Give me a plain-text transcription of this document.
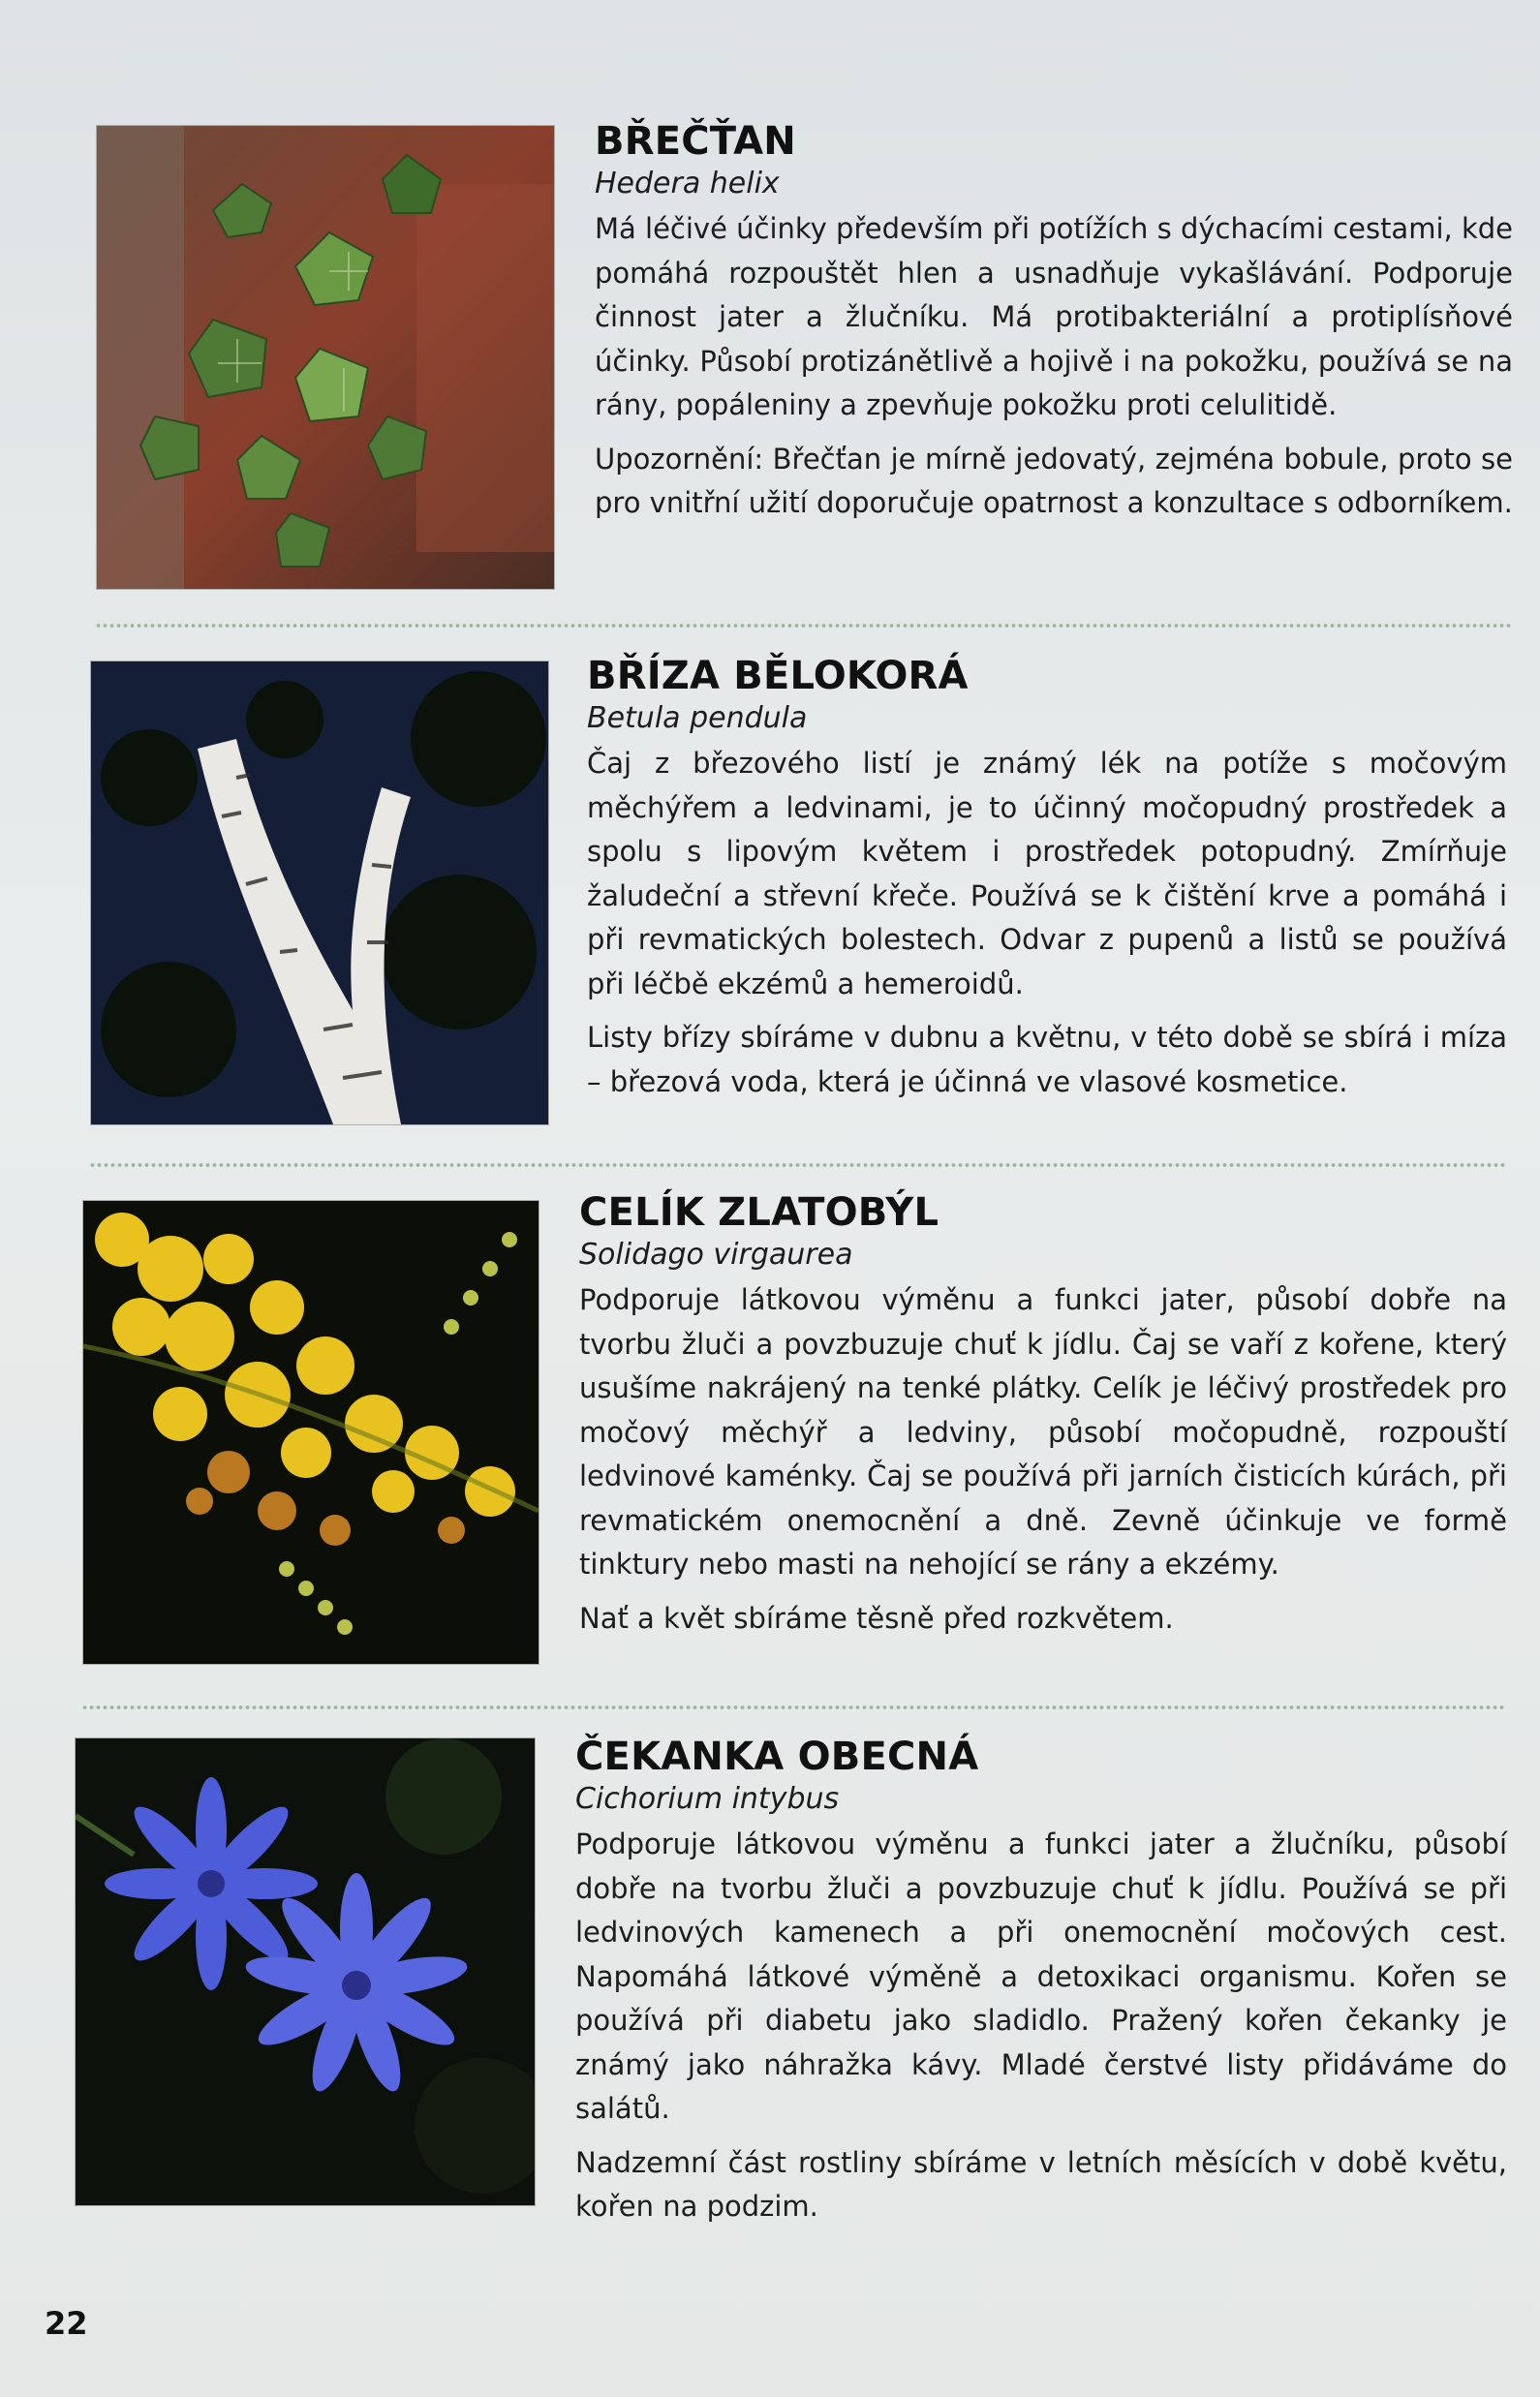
BŘEČŤAN
Hedera helix

Má léčivé účinky především při potížích s dýchacími cestami, kde pomáhá rozpouštět hlen a usnadňuje vykašlávání. Podporuje činnost jater a žlučníku. Má protibakteriální a protiplísňové účinky. Působí protizánětlivě a hojivě i na pokožku, používá se na rány, popáleniny a zpevňuje pokožku proti celulitidě.

Upozornění: Břečťan je mírně jedovatý, zejména bobule, proto se pro vnitřní užití doporučuje opatrnost a konzultace s odborníkem.

BŘÍZA BĚLOKORÁ
Betula pendula

Čaj z březového listí je známý lék na potíže s močovým měchýřem a ledvinami, je to účinný močopudný prostředek a spolu s lipovým květem i prostředek potopudný. Zmírňuje žaludeční a střevní křeče. Používá se k čištění krve a pomáhá i při revmatických bolestech. Odvar z pupenů a listů se používá při léčbě ekzémů a hemeroidů.

Listy břízy sbíráme v dubnu a květnu, v této době se sbírá i míza – březová voda, která je účinná ve vlasové kosmetice.

CELÍK ZLATOBÝL
Solidago virgaurea

Podporuje látkovou výměnu a funkci jater, působí dobře na tvorbu žluči a povzbuzuje chuť k jídlu. Čaj se vaří z kořene, který usušíme nakrájený na tenké plátky. Celík je léčivý prostředek pro močový měchýř a ledviny, působí močopudně, rozpouští ledvinové kaménky. Čaj se používá při jarních čisticích kúrách, při revmatickém onemocnění a dně. Zevně účinkuje ve formě tinktury nebo masti na nehojící se rány a ekzémy.

Nať a květ sbíráme těsně před rozkvětem.

ČEKANKA OBECNÁ
Cichorium intybus

Podporuje látkovou výměnu a funkci jater a žlučníku, působí dobře na tvorbu žluči a povzbuzuje chuť k jídlu. Používá se při ledvinových kamenech a při onemocnění močových cest. Napomáhá látkové výměně a detoxikaci organismu. Kořen se používá při diabetu jako sladidlo. Pražený kořen čekanky je známý jako náhražka kávy. Mladé čerstvé listy přidáváme do salátů.

Nadzemní část rostliny sbíráme v letních měsících v době květu, kořen na podzim.

22
